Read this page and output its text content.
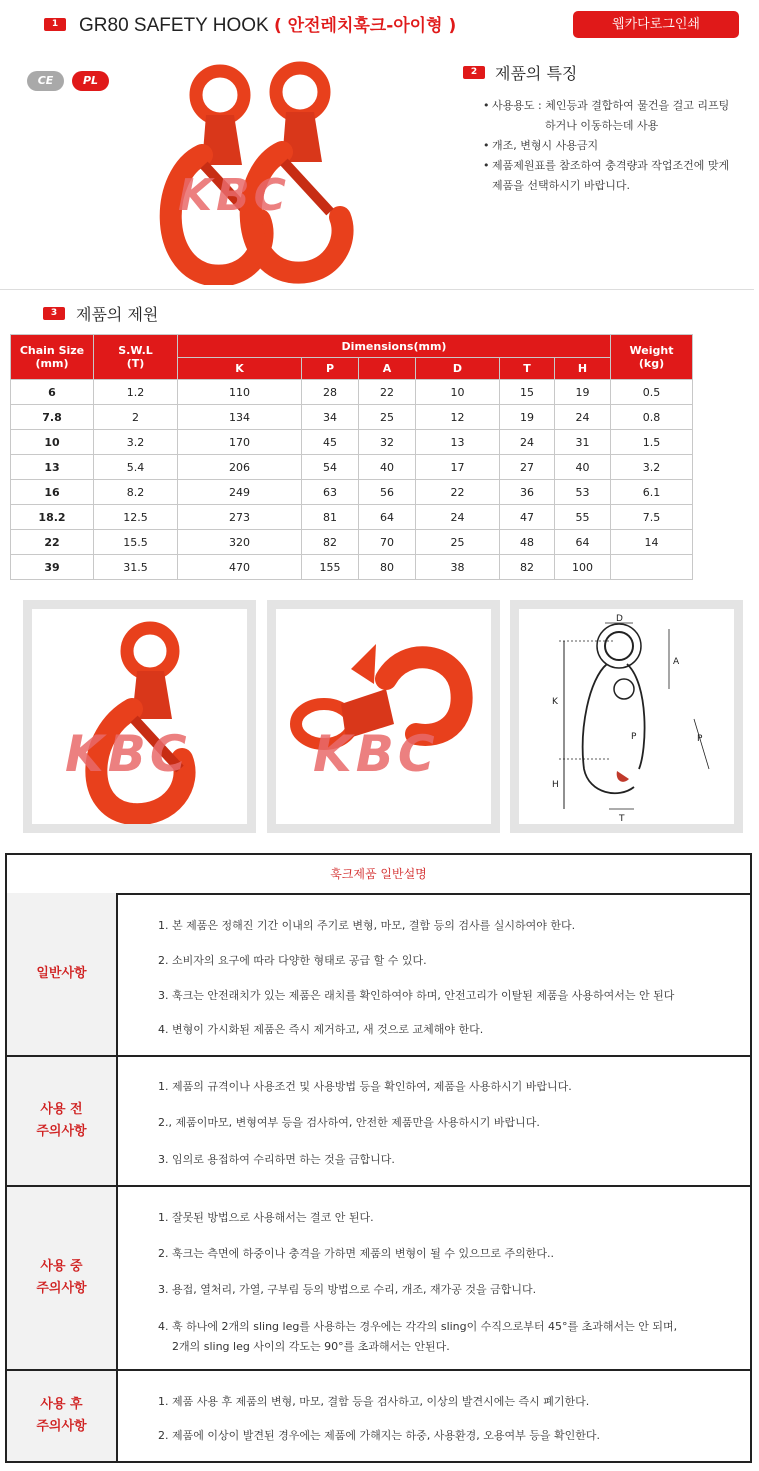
1	GR80 SAFETY HOOK ( 안전레치훅크-아이형 )	웹카다로그인쇄
CE	PL
KBC
2	제품의 특징
• 사용용도 : 체인등과 결합하여 물건을 걸고 리프팅
하거나 이동하는데 사용
• 개조, 변형시 사용금지
• 제품제원표를 참조하여 충격량과 작업조건에 맞게
제품을 선택하시기 바랍니다.
3	제품의 제원
Chain Size
(mm)	S.W.L
(T)	Dimensions(mm)						Weight
(kg)
		K	P	A	D	T	H	
6	1.2	110	28	22	10	15	19	0.5
7.8	2	134	34	25	12	19	24	0.8
10	3.2	170	45	32	13	24	31	1.5
13	5.4	206	54	40	17	27	40	3.2
16	8.2	249	63	56	22	36	53	6.1
18.2	12.5	273	81	64	24	47	55	7.5
22	15.5	320	82	70	25	48	64	14
39	31.5	470	155	80	38	82	100	
KBC KBC
D
A
K
P
H
T
P
훅크제품 일반설명
일반사항
1. 본 제품은 정해진 기간 이내의 주기로 변형, 마모, 결함 등의 검사를 실시하여야 한다.
2. 소비자의 요구에 따라 다양한 형태로 공급 할 수 있다.
3. 훅크는 안전래치가 있는 제품은 래치를 확인하여야 하며, 안전고리가 이탈된 제품을 사용하여서는 안 된다
4. 변형이 가시화된 제품은 즉시 제거하고, 새 것으로 교체해야 한다.
사용 전
주의사항
1. 제품의 규격이나 사용조건 및 사용방법 등을 확인하여, 제품을 사용하시기 바랍니다.
2., 제품이마모, 변형여부 등을 검사하여, 안전한 제품만을 사용하시기 바랍니다.
3. 임의로 용접하여 수리하면 하는 것을 금합니다.
사용 중
주의사항
1. 잘못된 방법으로 사용해서는 결코 안 된다.
2. 훅크는 측면에 하중이나 충격을 가하면 제품의 변형이 될 수 있으므로 주의한다..
3. 용접, 열처리, 가열, 구부림 등의 방법으로 수리, 개조, 재가공 것을 금합니다.
4. 훅 하나에 2개의 sling leg를 사용하는 경우에는 각각의 sling이 수직으로부터 45°를 초과해서는 안 되며,
2개의 sling leg 사이의 각도는 90°를 초과해서는 안된다.
사용 후
주의사항
1. 제품 사용 후 제품의 변형, 마모, 결함 등을 검사하고, 이상의 발견시에는 즉시 폐기한다.
2. 제품에 이상이 발견된 경우에는 제품에 가해지는 하중, 사용환경, 오용여부 등을 확인한다.
